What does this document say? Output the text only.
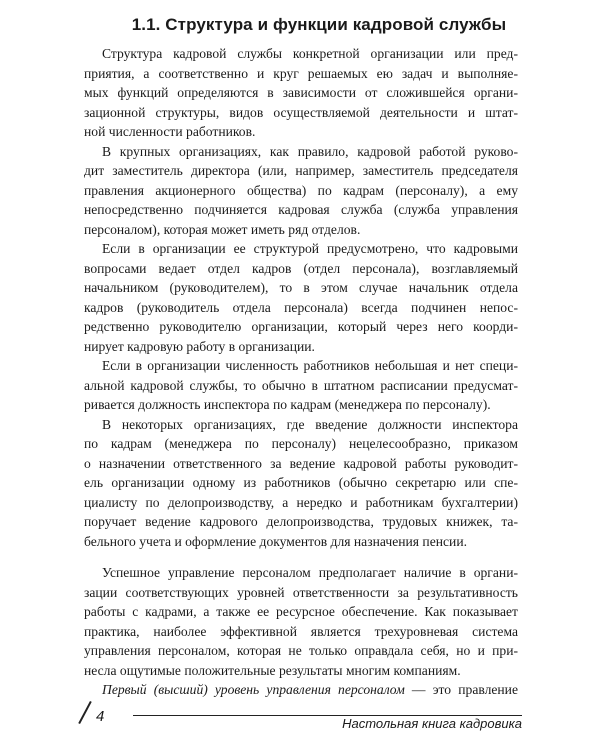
1.1. Структура и функции кадровой службы
Структура кадровой службы конкретной организации или пред-
приятия, а соответственно и круг решаемых ею задач и выполняе-
мых функций определяются в зависимости от сложившейся органи-
зационной структуры, видов осуществляемой деятельности и штат-
ной численности работников.
В крупных организациях, как правило, кадровой работой руково-
дит заместитель директора (или, например, заместитель председателя
правления акционерного общества) по кадрам (персоналу), а ему
непосредственно подчиняется кадровая служба (служба управления
персоналом), которая может иметь ряд отделов.
Если в организации ее структурой предусмотрено, что кадровыми
вопросами ведает отдел кадров (отдел персонала), возглавляемый
начальником (руководителем), то в этом случае начальник отдела
кадров (руководитель отдела персонала) всегда подчинен непос-
редственно руководителю организации, который через него коорди-
нирует кадровую работу в организации.
Если в организации численность работников небольшая и нет специ-
альной кадровой службы, то обычно в штатном расписании предусмат-
ривается должность инспектора по кадрам (менеджера по персоналу).
В некоторых организациях, где введение должности инспектора
по кадрам (менеджера по персоналу) нецелесообразно, приказом
о назначении ответственного за ведение кадровой работы руководит-
ель организации одному из работников (обычно секретарю или спе-
циалисту по делопроизводству, а нередко и работникам бухгалтерии)
поручает ведение кадрового делопроизводства, трудовых книжек, та-
бельного учета и оформление документов для назначения пенсии.
Успешное управление персоналом предполагает наличие в органи-
зации соответствующих уровней ответственности за результативность
работы с кадрами, а также ее ресурсное обеспечение. Как показывает
практика, наиболее эффективной является трехуровневая система
управления персоналом, которая не только оправдала себя, но и при-
несла ощутимые положительные результаты многим компаниям.
Первый (высший) уровень управления персоналом — это правление
4	Настольная книга кадровика
